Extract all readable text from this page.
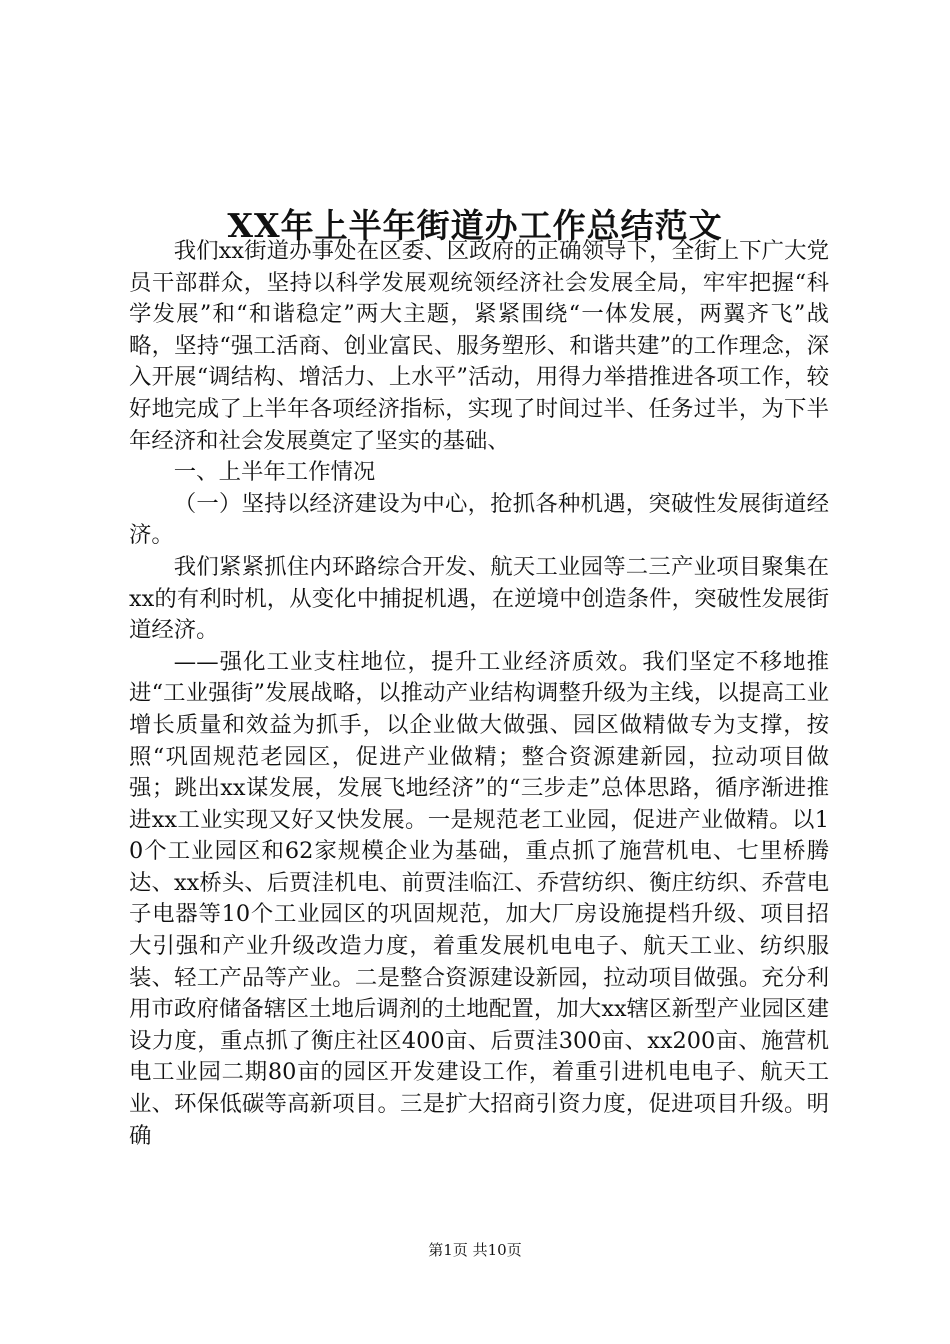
XX年上半年街道办工作总结范文

我们xx街道办事处在区委、区政府的正确领导下，全街上下广大党员干部群众，坚持以科学发展观统领经济社会发展全局，牢牢把握“科学发展”和“和谐稳定”两大主题，紧紧围绕“一体发展，两翼齐飞”战略，坚持“强工活商、创业富民、服务塑形、和谐共建”的工作理念，深入开展“调结构、增活力、上水平”活动，用得力举措推进各项工作，较好地完成了上半年各项经济指标，实现了时间过半、任务过半，为下半年经济和社会发展奠定了坚实的基础、

一、上半年工作情况

（一）坚持以经济建设为中心，抢抓各种机遇，突破性发展街道经济。

我们紧紧抓住内环路综合开发、航天工业园等二三产业项目聚集在xx的有利时机，从变化中捕捉机遇，在逆境中创造条件，突破性发展街道经济。

——强化工业支柱地位，提升工业经济质效。我们坚定不移地推进“工业强街”发展战略，以推动产业结构调整升级为主线，以提高工业增长质量和效益为抓手，以企业做大做强、园区做精做专为支撑，按照“巩固规范老园区，促进产业做精；整合资源建新园，拉动项目做强；跳出xx谋发展，发展飞地经济”的“三步走”总体思路，循序渐进推进xx工业实现又好又快发展。一是规范老工业园，促进产业做精。以10个工业园区和62家规模企业为基础，重点抓了施营机电、七里桥腾达、xx桥头、后贾洼机电、前贾洼临江、乔营纺织、衡庄纺织、乔营电子电器等10个工业园区的巩固规范，加大厂房设施提档升级、项目招大引强和产业升级改造力度，着重发展机电电子、航天工业、纺织服装、轻工产品等产业。二是整合资源建设新园，拉动项目做强。充分利用市政府储备辖区土地后调剂的土地配置，加大xx辖区新型产业园区建设力度，重点抓了衡庄社区400亩、后贾洼300亩、xx200亩、施营机电工业园二期80亩的园区开发建设工作，着重引进机电电子、航天工业、环保低碳等高新项目。三是扩大招商引资力度，促进项目升级。明确

第1页 共10页
